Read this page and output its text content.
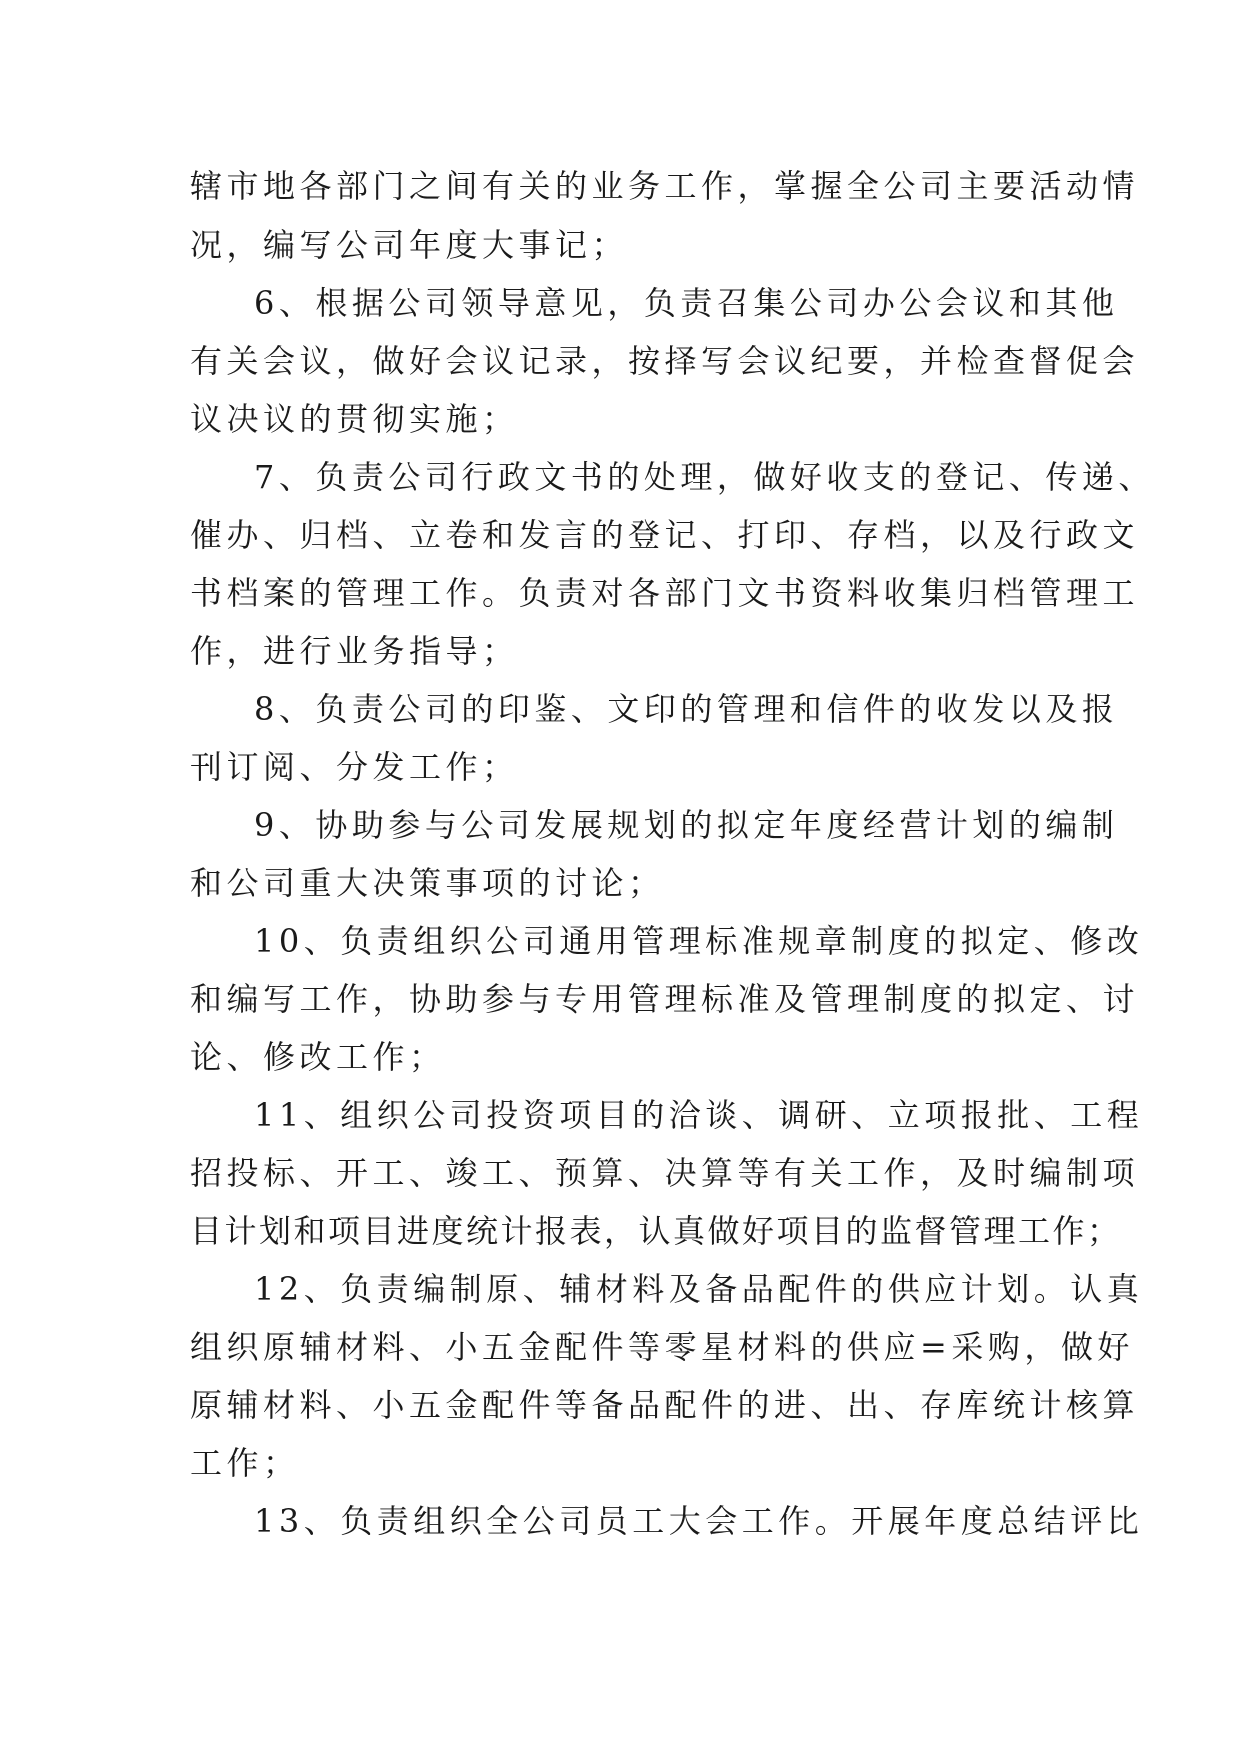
辖市地各部门之间有关的业务工作，掌握全公司主要活动情
况，编写公司年度大事记；
6、根据公司领导意见，负责召集公司办公会议和其他
有关会议，做好会议记录，按择写会议纪要，并检查督促会
议决议的贯彻实施；
7、负责公司行政文书的处理，做好收支的登记、传递、
催办、归档、立卷和发言的登记、打印、存档，以及行政文
书档案的管理工作。负责对各部门文书资料收集归档管理工
作，进行业务指导；
8、负责公司的印鉴、文印的管理和信件的收发以及报
刊订阅、分发工作；
9、协助参与公司发展规划的拟定年度经营计划的编制
和公司重大决策事项的讨论；
10、负责组织公司通用管理标准规章制度的拟定、修改
和编写工作，协助参与专用管理标准及管理制度的拟定、讨
论、修改工作；
11、组织公司投资项目的洽谈、调研、立项报批、工程
招投标、开工、竣工、预算、决算等有关工作，及时编制项
目计划和项目进度统计报表，认真做好项目的监督管理工作；
12、负责编制原、辅材料及备品配件的供应计划。认真
组织原辅材料、小五金配件等零星材料的供应=采购，做好
原辅材料、小五金配件等备品配件的进、出、存库统计核算
工作；
13、负责组织全公司员工大会工作。开展年度总结评比
